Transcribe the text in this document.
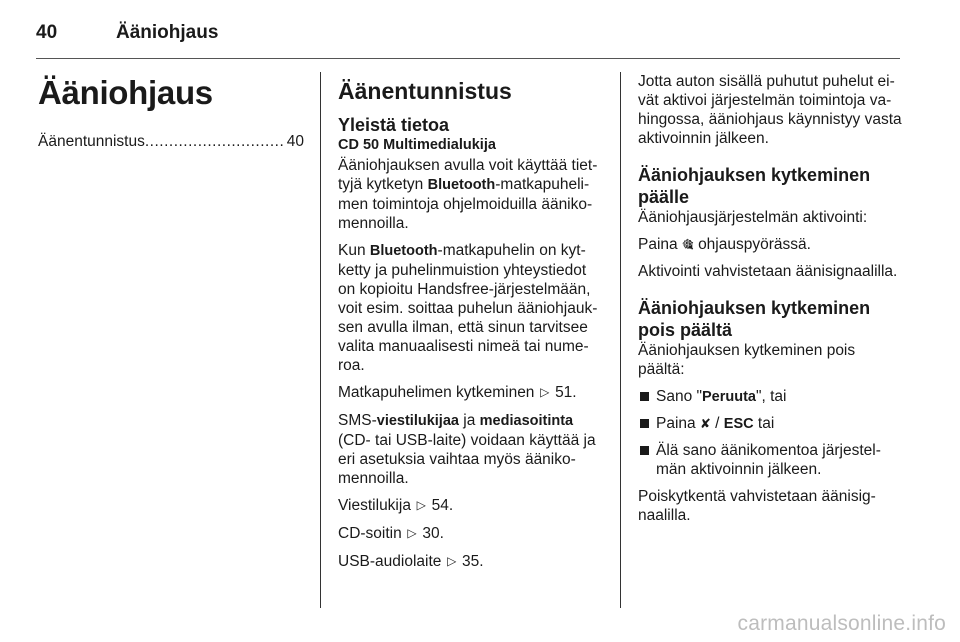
40	Ääniohjaus
Ääniohjaus
Äänentunnistus
.....	40
Äänentunnistus
Yleistä tietoa
CD 50 Multimedialukija

Ääniohjauksen avulla voit käyttää tiettyjä kytketyn Bluetooth-matkapuhelimen toimintoja ohjelmoiduilla äänikomennoilla.

Kun Bluetooth-matkapuhelin on kytketty ja puhelinmuistion yhteystiedot on kopioitu Handsfree-järjestelmään, voit esim. soittaa puhelun ääniohjauksen avulla ilman, että sinun tarvitsee valita manuaalisesti nimeä tai numeroa.

Matkapuhelimen kytkeminen ▷ 51.

SMS-viestilukijaa ja mediasoitinta (CD- tai USB-laite) voidaan käyttää ja eri asetuksia vaihtaa myös äänikomennoilla.

Viestilukija ▷ 54.

CD-soitin ▷ 30.

USB-audiolaite ▷ 35.

Jotta auton sisällä puhutut puhelut eivät aktivoi järjestelmän toimintoja vahingossa, ääniohjaus käynnistyy vasta aktivoinnin jälkeen.

Ääniohjauksen kytkeminen päälle

Ääniohjausjärjestelmän aktivointi:

Paina 🎕 ohjauspyörässä.

Aktivointi vahvistetaan äänisignaalilla.

Ääniohjauksen kytkeminen pois päältä

Ääniohjauksen kytkeminen pois päältä:

Sano "Peruuta", tai
Paina ✘ / ESC tai
Älä sano äänikomentoa järjestelmän aktivoinnin jälkeen.

Poiskytkentä vahvistetaan äänisignaalilla.

carmanualsonline.info
